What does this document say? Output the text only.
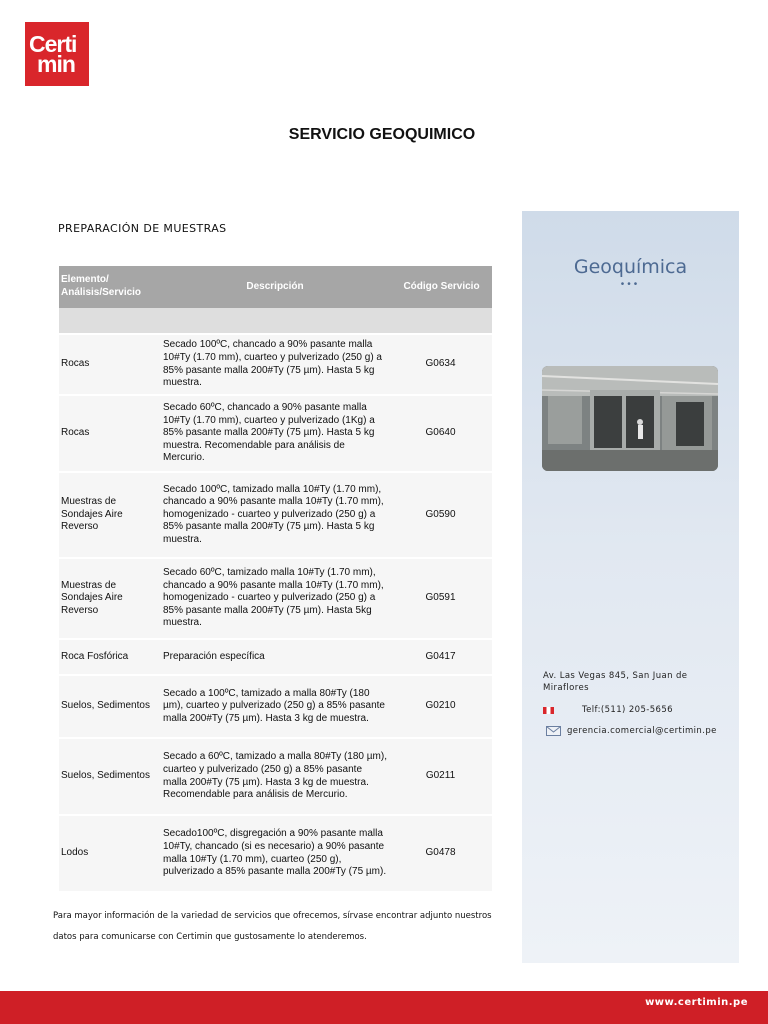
Certi
min
SERVICIO GEOQUIMICO
PREPARACIÓN DE MUESTRAS
Elemento/
Análisis/Servicio	Descripción	Código Servicio

Rocas	Secado 100ºC, chancado a 90% pasante malla 10#Ty (1.70 mm), cuarteo y pulverizado (250 g) a 85% pasante malla 200#Ty (75 µm). Hasta 5 kg muestra.	G0634
Rocas	Secado 60ºC, chancado a 90% pasante malla 10#Ty (1.70 mm), cuarteo y pulverizado (1Kg) a 85% pasante malla 200#Ty (75 µm). Hasta 5 kg muestra. Recomendable para análisis de Mercurio.	G0640
Muestras de Sondajes Aire Reverso	Secado 100ºC, tamizado malla 10#Ty (1.70 mm), chancado a 90% pasante malla 10#Ty (1.70 mm), homogenizado - cuarteo y pulverizado (250 g) a 85% pasante malla 200#Ty (75 µm). Hasta 5 kg muestra.	G0590
Muestras de Sondajes Aire Reverso	Secado 60ºC, tamizado malla 10#Ty (1.70 mm), chancado a 90% pasante malla 10#Ty (1.70 mm), homogenizado - cuarteo y pulverizado (250 g) a 85% pasante malla 200#Ty (75 µm). Hasta 5kg muestra.	G0591
Roca Fosfórica	Preparación específica	G0417
Suelos, Sedimentos	Secado a 100ºC, tamizado a malla 80#Ty (180 µm), cuarteo y pulverizado (250 g) a 85% pasante malla 200#Ty (75 µm). Hasta 3 kg de muestra.	G0210
Suelos, Sedimentos	Secado a 60ºC, tamizado a malla 80#Ty (180 µm), cuarteo y pulverizado (250 g) a 85% pasante malla 200#Ty (75 µm). Hasta 3 kg de muestra. Recomendable para análisis de Mercurio.	G0211
Lodos	Secado100ºC, disgregación a 90% pasante malla 10#Ty, chancado (si es necesario) a 90% pasante malla 10#Ty (1.70 mm), cuarteo (250 g), pulverizado a 85% pasante malla 200#Ty (75 µm).	G0478
Para mayor información de la variedad de servicios que ofrecemos, sírvase encontrar adjunto nuestros datos para comunicarse con Certimin que gustosamente lo atenderemos.
Geoquímica
•••
Av. Las Vegas 845, San Juan de Miraflores
Telf:(511) 205-5656
gerencia.comercial@certimin.pe
www.certimin.pe
